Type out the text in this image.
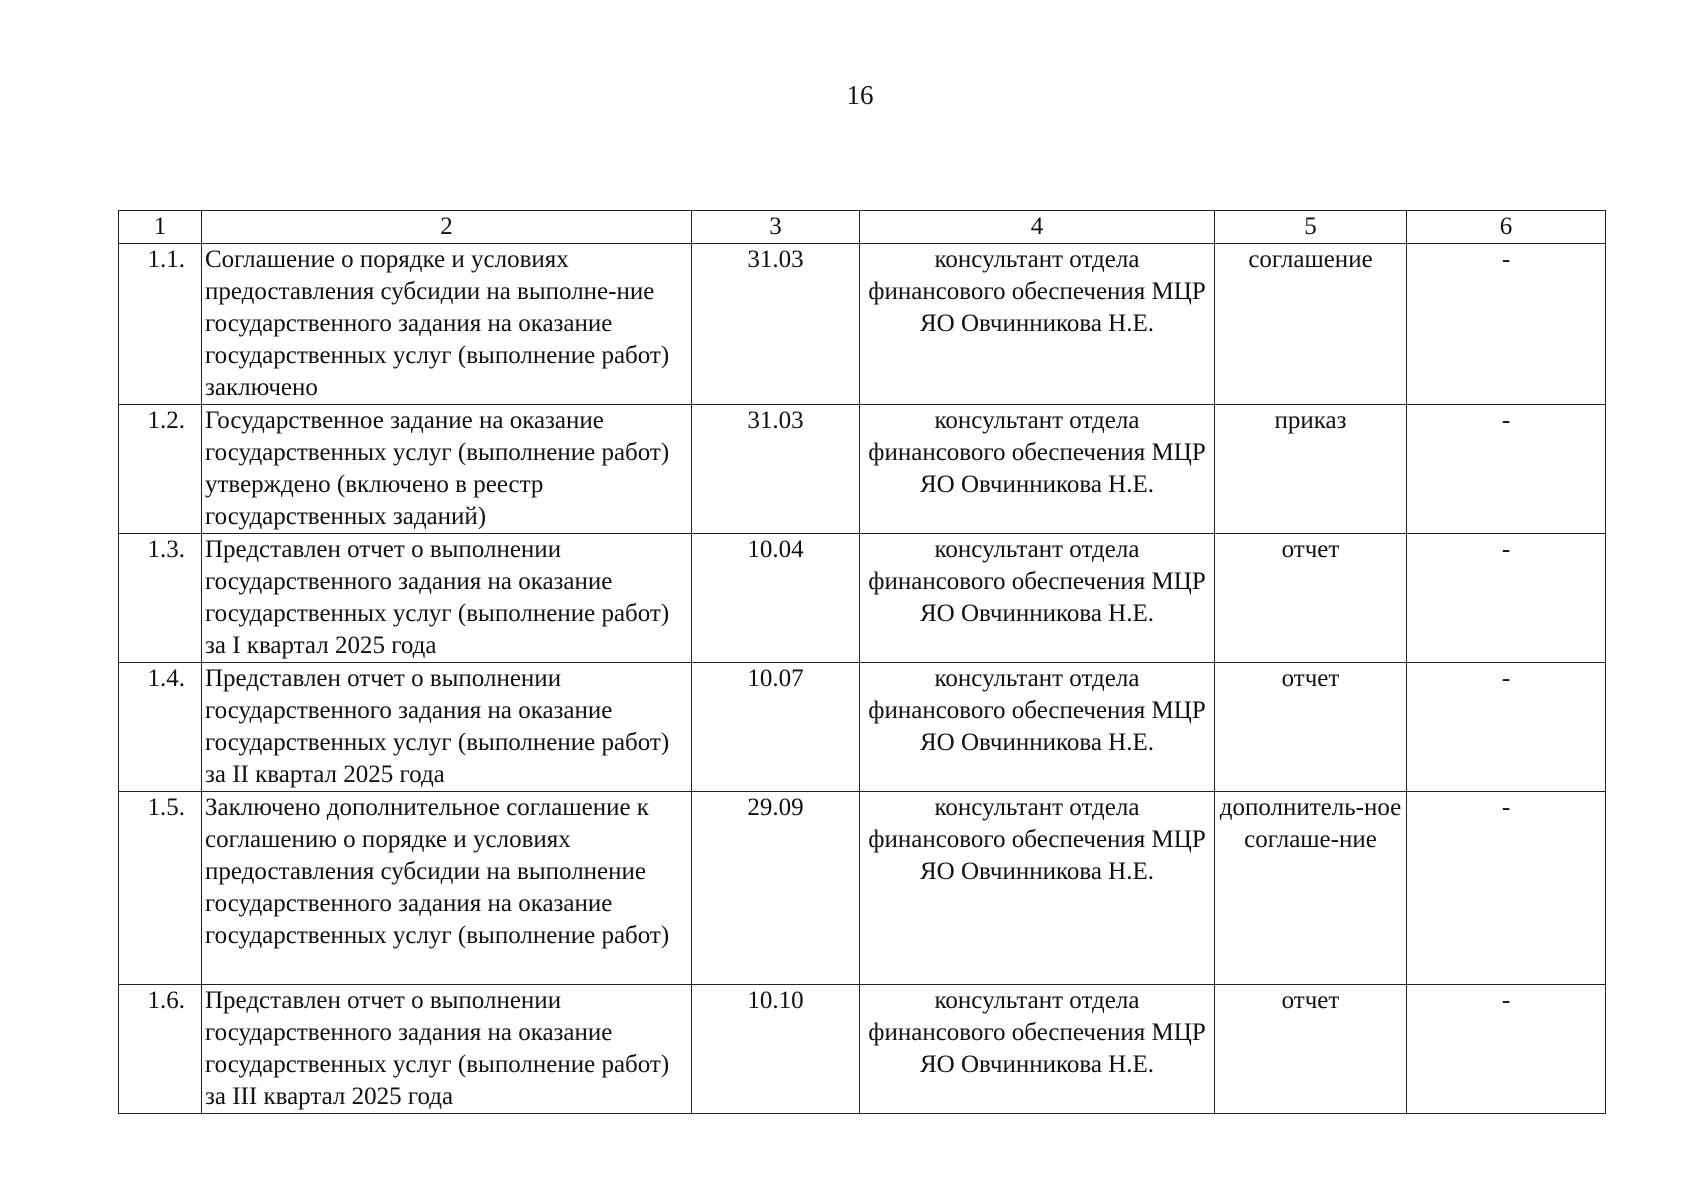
16
1	2	3	4	5	6
1.1.	Соглашение о порядке и условиях предоставления субсидии на выполне-ние государственного задания на оказание государственных услуг (выполнение работ) заключено	31.03	консультант отдела финансового обеспечения МЦР ЯО Овчинникова Н.Е.	соглашение	-
1.2.	Государственное задание на оказание государственных услуг (выполнение работ) утверждено (включено в реестр государственных заданий)	31.03	консультант отдела финансового обеспечения МЦР ЯО Овчинникова Н.Е.	приказ	-
1.3.	Представлен отчет о выполнении государственного задания на оказание государственных услуг (выполнение работ) за I квартал 2025 года	10.04	консультант отдела финансового обеспечения МЦР ЯО Овчинникова Н.Е.	отчет	-
1.4.	Представлен отчет о выполнении государственного задания на оказание государственных услуг (выполнение работ) за II квартал 2025 года	10.07	консультант отдела финансового обеспечения МЦР ЯО Овчинникова Н.Е.	отчет	-
1.5.	Заключено дополнительное соглашение к соглашению о порядке и условиях предоставления субсидии на выполнение государственного задания на оказание государственных услуг (выполнение работ)	29.09	консультант отдела финансового обеспечения МЦР ЯО Овчинникова Н.Е.	дополнитель-ное соглаше-ние	-
1.6.	Представлен отчет о выполнении государственного задания на оказание государственных услуг (выполнение работ) за III квартал 2025 года	10.10	консультант отдела финансового обеспечения МЦР ЯО Овчинникова Н.Е.	отчет	-
